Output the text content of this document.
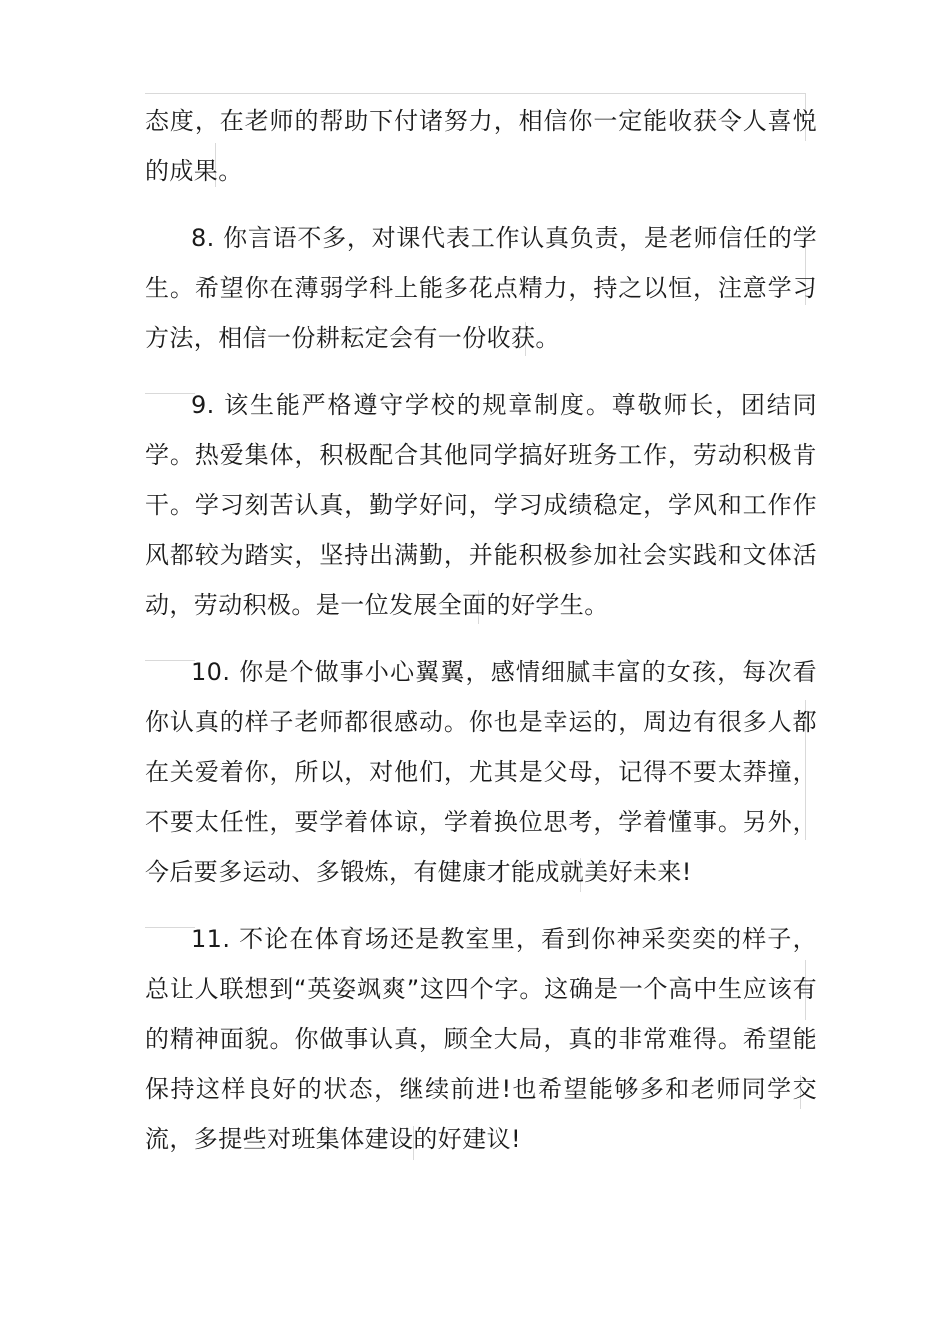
态度，在老师的帮助下付诸努力，相信你一定能收获令人喜悦的成果。

8. 你言语不多，对课代表工作认真负责，是老师信任的学生。希望你在薄弱学科上能多花点精力，持之以恒，注意学习方法，相信一份耕耘定会有一份收获。

9. 该生能严格遵守学校的规章制度。尊敬师长，团结同学。热爱集体，积极配合其他同学搞好班务工作，劳动积极肯干。学习刻苦认真，勤学好问，学习成绩稳定，学风和工作作风都较为踏实，坚持出满勤，并能积极参加社会实践和文体活动，劳动积极。是一位发展全面的好学生。

10. 你是个做事小心翼翼，感情细腻丰富的女孩，每次看你认真的样子老师都很感动。你也是幸运的，周边有很多人都在关爱着你，所以，对他们，尤其是父母，记得不要太莽撞，不要太任性，要学着体谅，学着换位思考，学着懂事。另外，今后要多运动、多锻炼，有健康才能成就美好未来!

11. 不论在体育场还是教室里，看到你神采奕奕的样子，总让人联想到“英姿飒爽”这四个字。这确是一个高中生应该有的精神面貌。你做事认真，顾全大局，真的非常难得。希望能保持这样良好的状态，继续前进!也希望能够多和老师同学交流，多提些对班集体建设的好建议!
